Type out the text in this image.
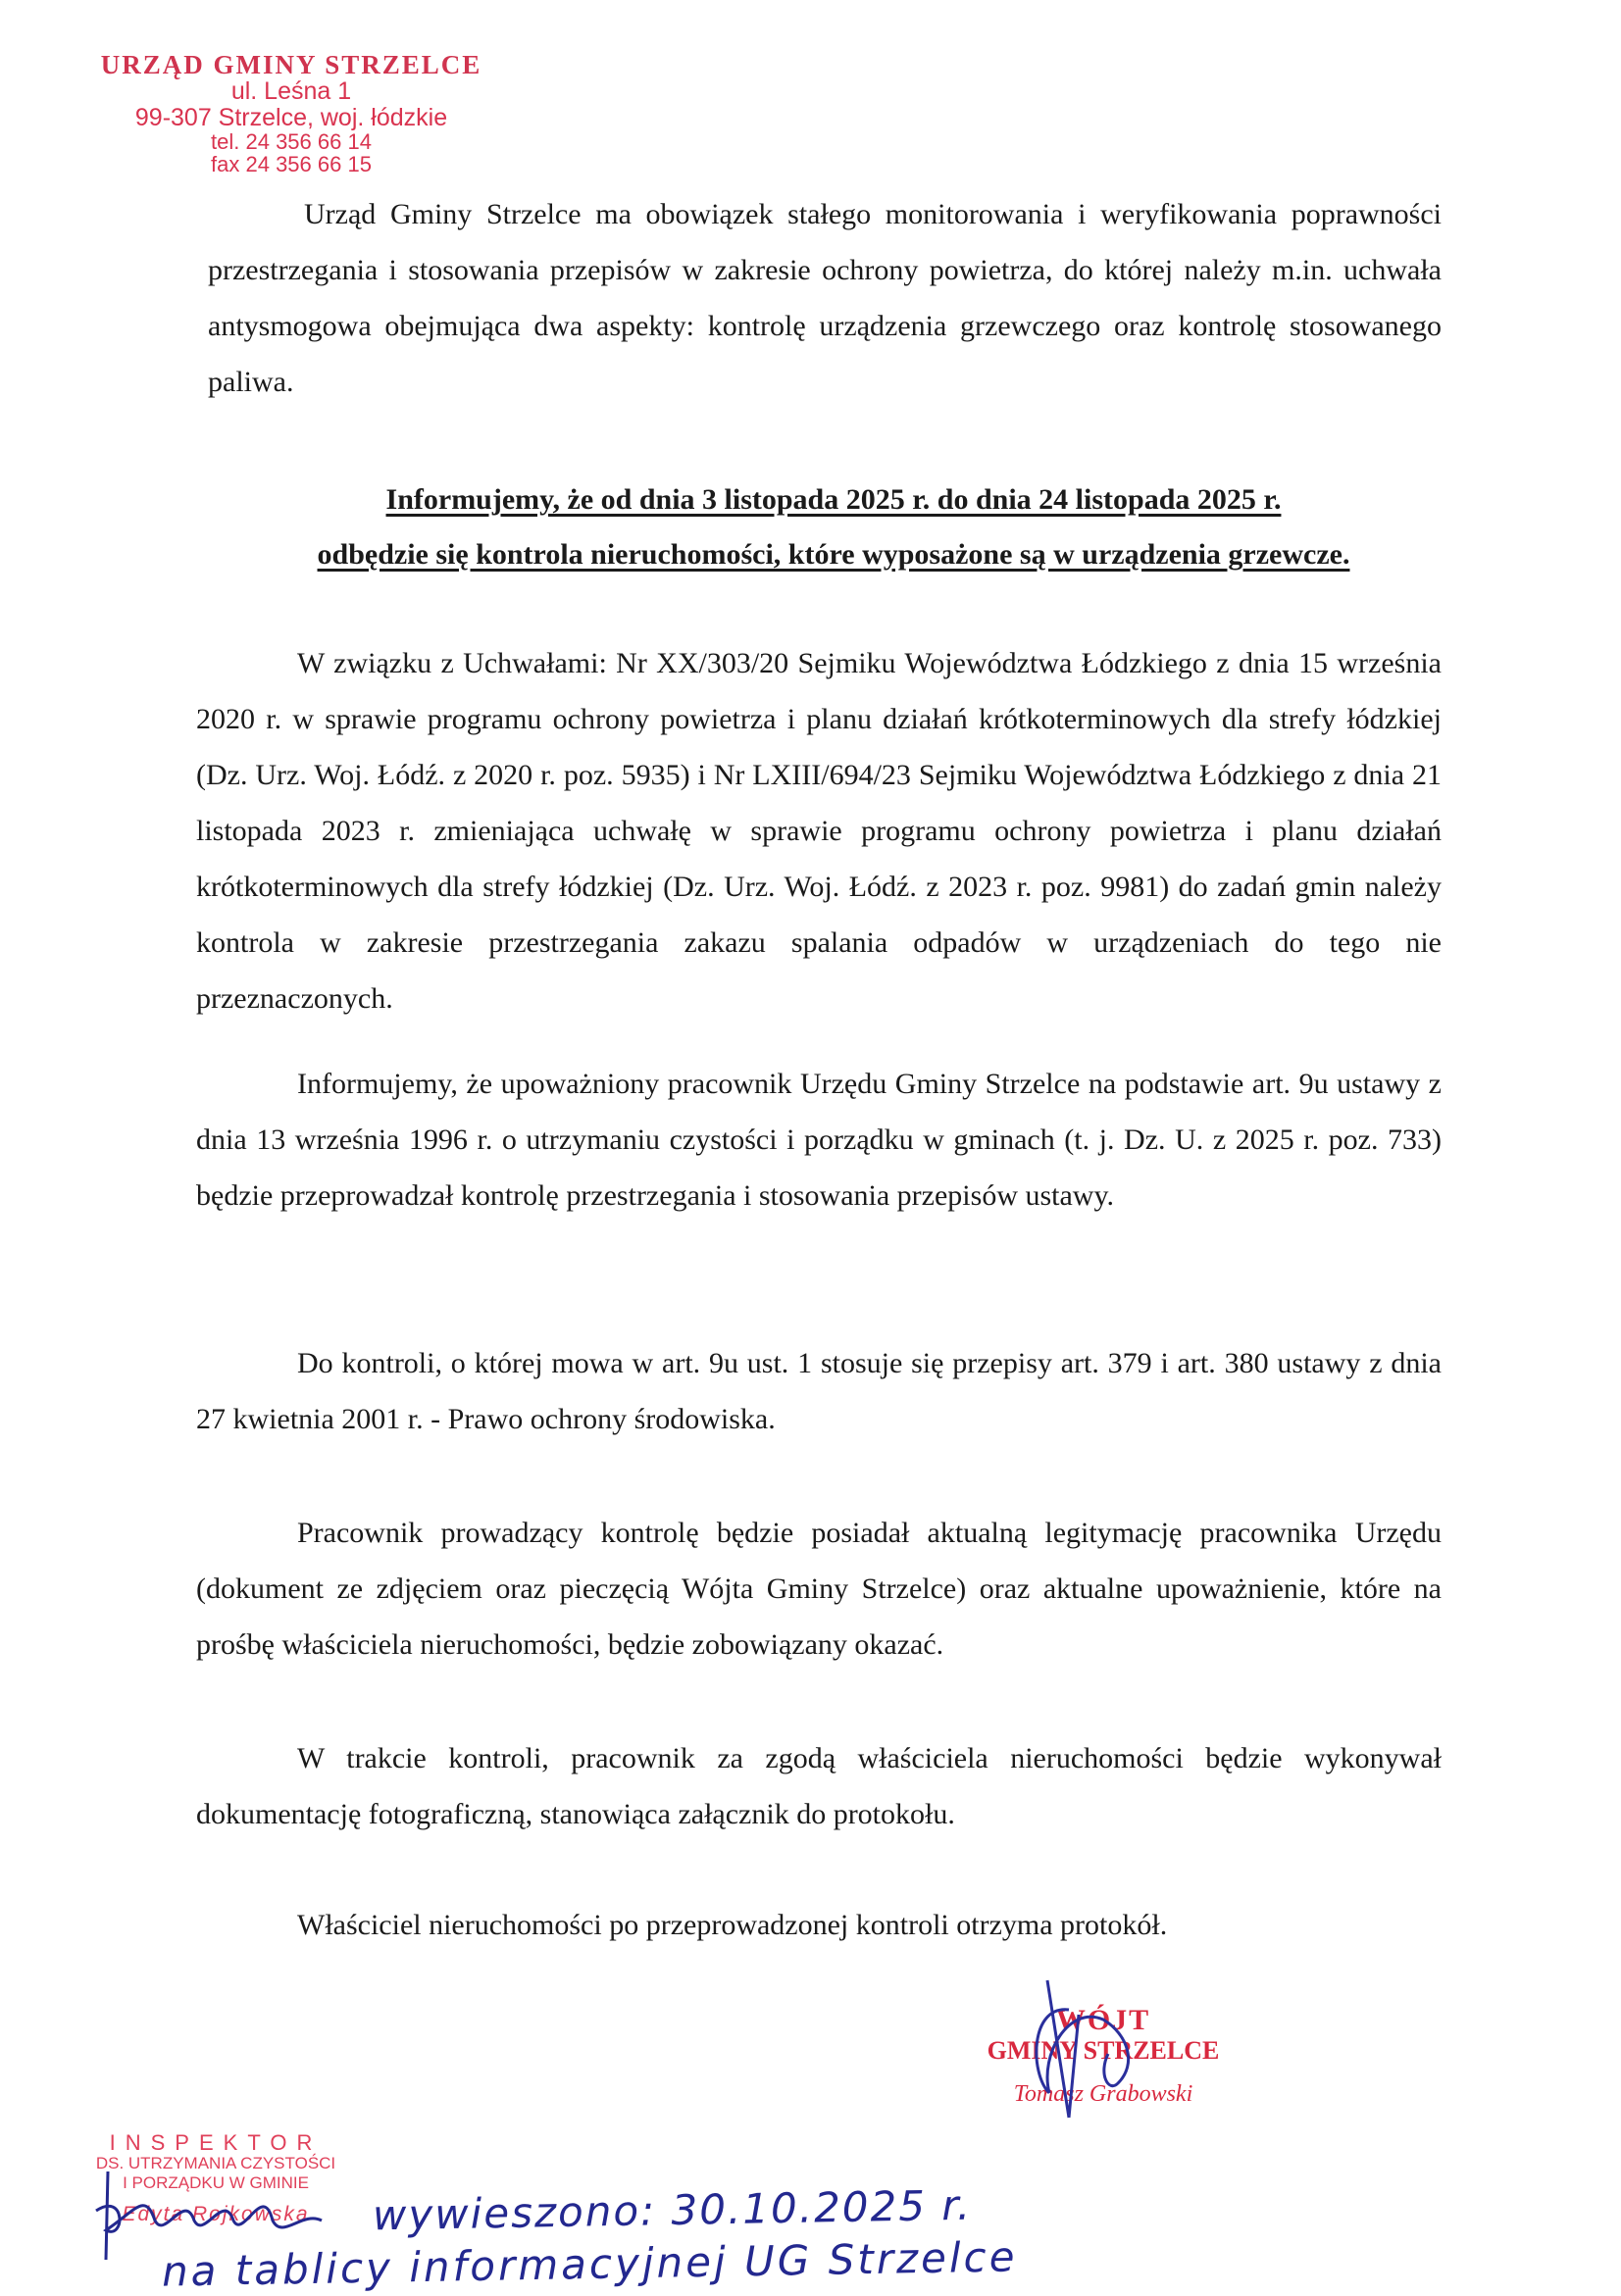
URZĄD GMINY STRZELCE
ul. Leśna 1
99-307 Strzelce, woj. łódzkie
tel. 24 356 66 14
fax 24 356 66 15

Urząd Gminy Strzelce ma obowiązek stałego monitorowania i weryfikowania poprawności przestrzegania i stosowania przepisów w zakresie ochrony powietrza, do której należy m.in. uchwała antysmogowa obejmująca dwa aspekty: kontrolę urządzenia grzewczego oraz kontrolę stosowanego paliwa.

Informujemy, że od dnia 3 listopada 2025 r. do dnia 24 listopada 2025 r.
odbędzie się kontrola nieruchomości, które wyposażone są w urządzenia grzewcze.

W związku z Uchwałami: Nr XX/303/20 Sejmiku Województwa Łódzkiego z dnia 15 września 2020 r. w sprawie programu ochrony powietrza i planu działań krótkoterminowych dla strefy łódzkiej (Dz. Urz. Woj. Łódź. z 2020 r. poz. 5935) i Nr LXIII/694/23 Sejmiku Województwa Łódzkiego z dnia 21 listopada 2023 r. zmieniająca uchwałę w sprawie programu ochrony powietrza i planu działań krótkoterminowych dla strefy łódzkiej (Dz. Urz. Woj. Łódź. z 2023 r. poz. 9981) do zadań gmin należy kontrola w zakresie przestrzegania zakazu spalania odpadów w urządzeniach do tego nie przeznaczonych.

Informujemy, że upoważniony pracownik Urzędu Gminy Strzelce na podstawie art. 9u ustawy z dnia 13 września 1996 r. o utrzymaniu czystości i porządku w gminach (t. j. Dz. U. z 2025 r. poz. 733) będzie przeprowadzał kontrolę przestrzegania i stosowania przepisów ustawy.

Do kontroli, o której mowa w art. 9u ust. 1 stosuje się przepisy art. 379 i art. 380 ustawy z dnia 27 kwietnia 2001 r. - Prawo ochrony środowiska.

Pracownik prowadzący kontrolę będzie posiadał aktualną legitymację pracownika Urzędu (dokument ze zdjęciem oraz pieczęcią Wójta Gminy Strzelce) oraz aktualne upoważnienie, które na prośbę właściciela nieruchomości, będzie zobowiązany okazać.

W trakcie kontroli, pracownik za zgodą właściciela nieruchomości będzie wykonywał dokumentację fotograficzną, stanowiąca załącznik do protokołu.

Właściciel nieruchomości po przeprowadzonej kontroli otrzyma protokół.

WÓJT
GMINY STRZELCE
Tomasz Grabowski
INSPEKTOR
DS. UTRZYMANIA CZYSTOŚCI
I PORZĄDKU W GMINIE
Edyta Rojkowska	wywieszono: 30.10.2025 r.
na tablicy informacyjnej UG Strzelce
